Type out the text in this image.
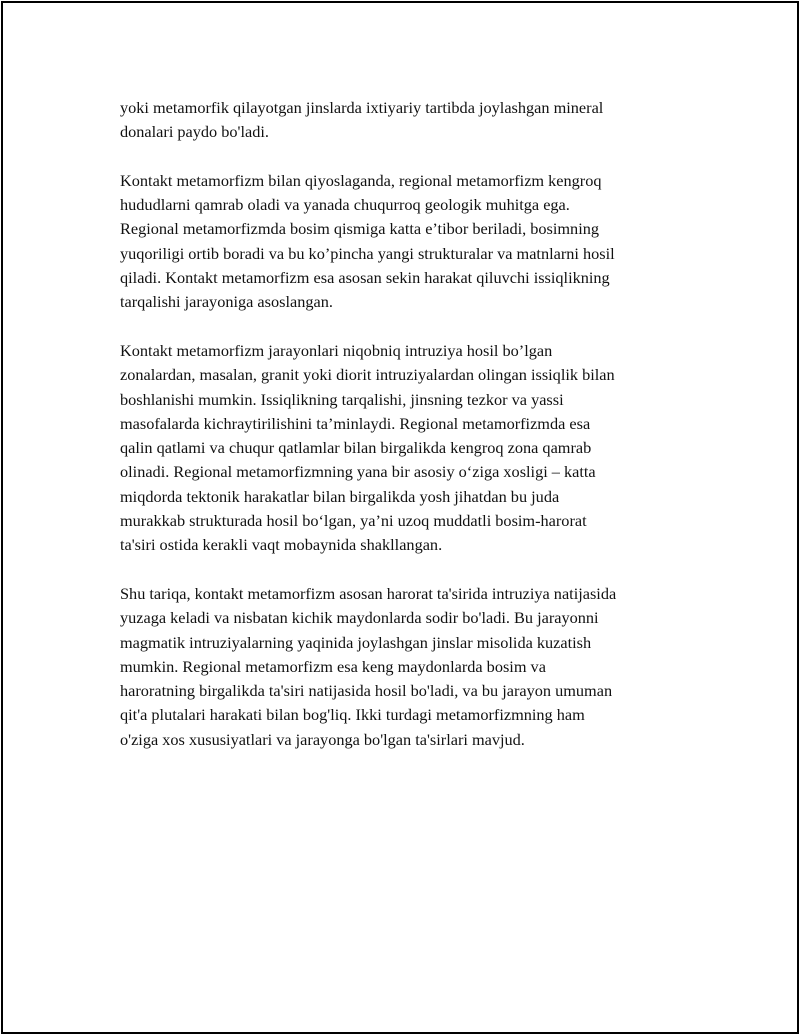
yoki metamorfik qilayotgan jinslarda ixtiyariy tartibda joylashgan mineral
donalari paydo bo'ladi.

Kontakt metamorfizm bilan qiyoslaganda, regional metamorfizm kengroq
hududlarni qamrab oladi va yanada chuqurroq geologik muhitga ega.
Regional metamorfizmda bosim qismiga katta e’tibor beriladi, bosimning
yuqoriligi ortib boradi va bu ko’pincha yangi strukturalar va matnlarni hosil
qiladi. Kontakt metamorfizm esa asosan sekin harakat qiluvchi issiqlikning
tarqalishi jarayoniga asoslangan.

Kontakt metamorfizm jarayonlari niqobniq intruziya hosil bo’lgan
zonalardan, masalan, granit yoki diorit intruziyalardan olingan issiqlik bilan
boshlanishi mumkin. Issiqlikning tarqalishi, jinsning tezkor va yassi
masofalarda kichraytirilishini ta’minlaydi. Regional metamorfizmda esa
qalin qatlami va chuqur qatlamlar bilan birgalikda kengroq zona qamrab
olinadi. Regional metamorfizmning yana bir asosiy o‘ziga xosligi – katta
miqdorda tektonik harakatlar bilan birgalikda yosh jihatdan bu juda
murakkab strukturada hosil bo‘lgan, ya’ni uzoq muddatli bosim-harorat
ta'siri ostida kerakli vaqt mobaynida shakllangan.

Shu tariqa, kontakt metamorfizm asosan harorat ta'sirida intruziya natijasida
yuzaga keladi va nisbatan kichik maydonlarda sodir bo'ladi. Bu jarayonni
magmatik intruziyalarning yaqinida joylashgan jinslar misolida kuzatish
mumkin. Regional metamorfizm esa keng maydonlarda bosim va
haroratning birgalikda ta'siri natijasida hosil bo'ladi, va bu jarayon umuman
qit'a plutalari harakati bilan bog'liq. Ikki turdagi metamorfizmning ham
o'ziga xos xususiyatlari va jarayonga bo'lgan ta'sirlari mavjud.
